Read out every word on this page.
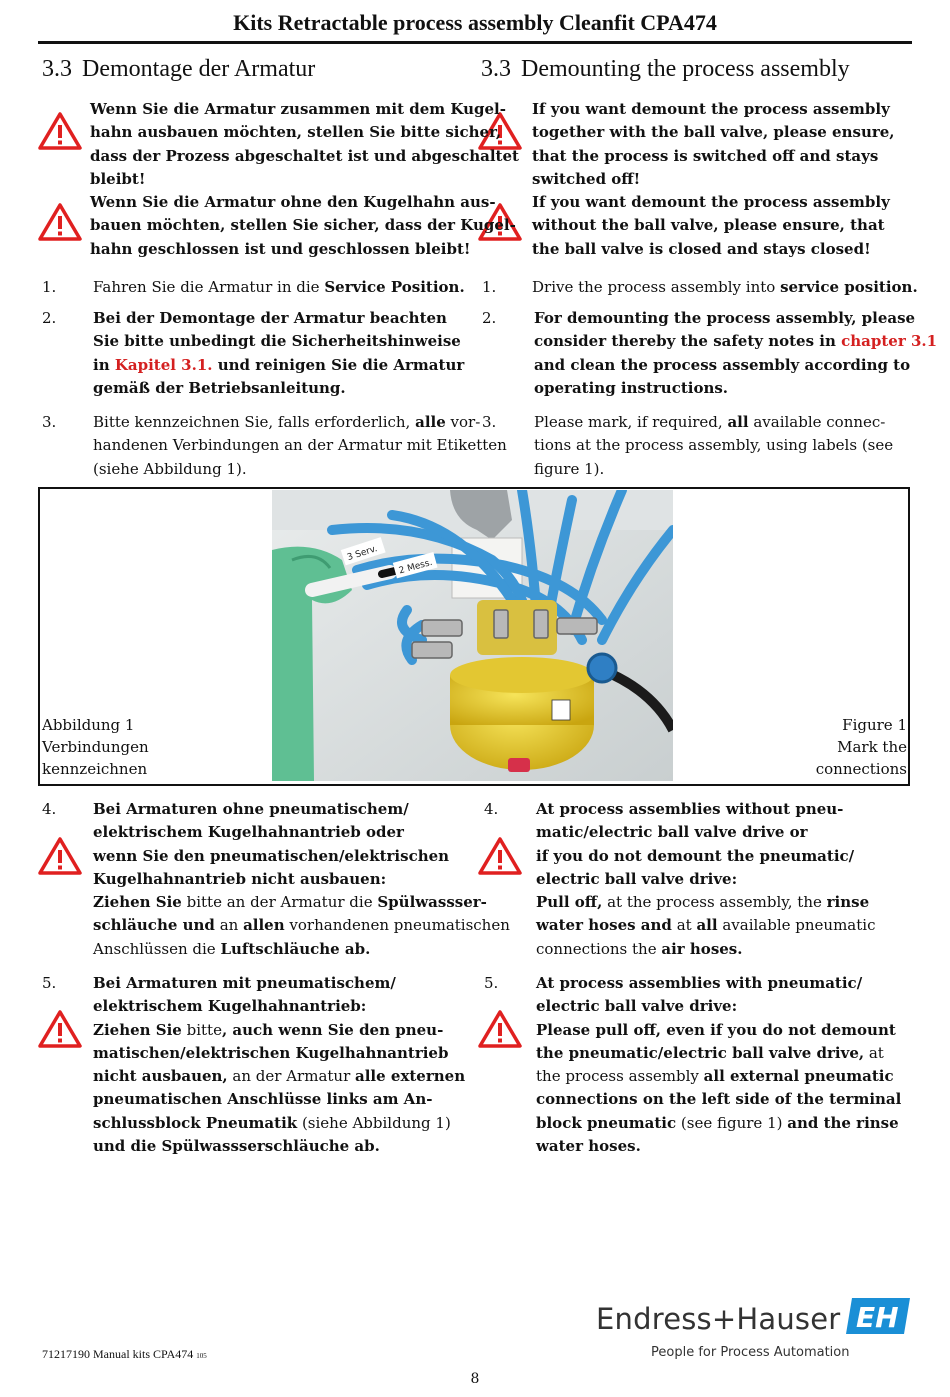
Kits Retractable process assembly Cleanfit CPA474
3.3 Demontage der Armatur	3.3 Demounting the process assembly
Wenn Sie die Armatur zusammen mit dem Kugel-
hahn ausbauen möchten, stellen Sie bitte sicher,
dass der Prozess abgeschaltet ist und abgeschaltet
bleibt!
Wenn Sie die Armatur ohne den Kugelhahn aus-
bauen möchten, stellen Sie sicher, dass der Kugel-
hahn geschlossen ist und geschlossen bleibt!
If you want demount the process assembly
together with the ball valve, please ensure,
that the process is switched off and stays
switched off!
If you want demount the process assembly
without the ball valve, please ensure, that
the ball valve is closed and stays closed!
1. Fahren Sie die Armatur in die Service Position. 1. Drive the process assembly into service position.
2. Bei der Demontage der Armatur beachten
Sie bitte unbedingt die Sicherheitshinweise
in Kapitel 3.1. und reinigen Sie die Armatur
gemäß der Betriebsanleitung.
2.	For demounting the process assembly, please
consider thereby the safety notes in chapter 3.1
and clean the process assembly according to
operating instructions.
3. Bitte kennzeichnen Sie, falls erforderlich, alle vor-
handenen Verbindungen an der Armatur mit Etiketten
(siehe Abbildung 1).
3.	Please mark, if required, all available connec-
tions at the process assembly, using labels (see
figure 1).
3 Serv.
2 Mess.
Abbildung 1
Verbindungen
kennzeichnen
Figure 1
Mark the
connections
4. Bei Armaturen ohne pneumatischem/
elektrischem Kugelhahnantrieb oder
wenn Sie den pneumatischen/elektrischen
Kugelhahnantrieb nicht ausbauen:
Ziehen Sie bitte an der Armatur die Spülwassser-
schläuche und an allen vorhandenen pneumatischen
Anschlüssen die Luftschläuche ab.
4.	At process assemblies without pneu-
matic/electric ball valve drive or
if you do not demount the pneumatic/
electric ball valve drive:
Pull off, at the process assembly, the rinse
water hoses and at all available pneumatic
connections the air hoses.
5. Bei Armaturen mit pneumatischem/
elektrischem Kugelhahnantrieb:
Ziehen Sie bitte, auch wenn Sie den pneu-
matischen/elektrischen Kugelhahnantrieb
nicht ausbauen, an der Armatur alle externen
pneumatischen Anschlüsse links am An-
schlussblock Pneumatik (siehe Abbildung 1)
und die Spülwassserschläuche ab.
5.	At process assemblies with pneumatic/
electric ball valve drive:
Please pull off, even if you do not demount
the pneumatic/electric ball valve drive, at
the process assembly all external pneumatic
connections on the left side of the terminal
block pneumatic (see figure 1) and the rinse
water hoses.
Endress+Hauser
People for Process Automation
EH
71217190 Manual kits CPA474 105
8
